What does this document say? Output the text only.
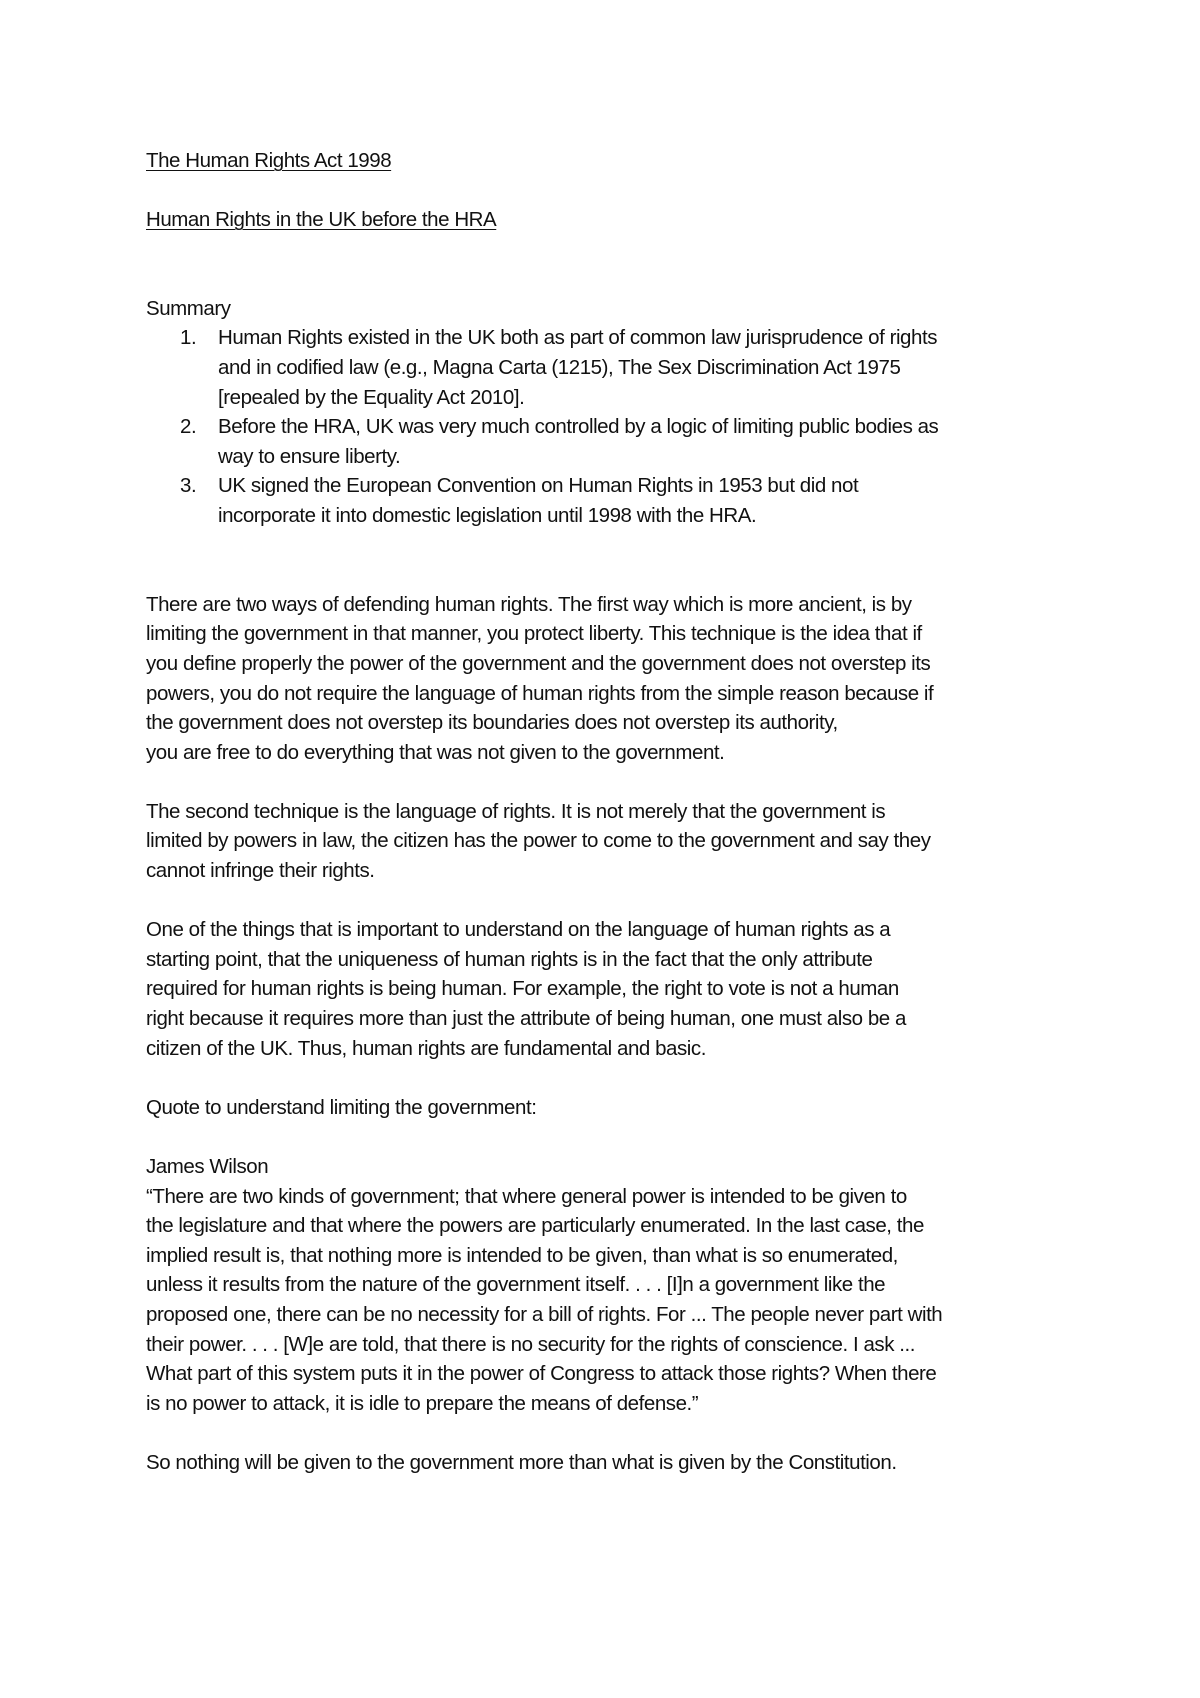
The Human Rights Act 1998
Human Rights in the UK before the HRA
Summary
1. Human Rights existed in the UK both as part of common law jurisprudence of rights
and in codified law (e.g., Magna Carta (1215), The Sex Discrimination Act 1975
[repealed by the Equality Act 2010].
2. Before the HRA, UK was very much controlled by a logic of limiting public bodies as
way to ensure liberty.
3. UK signed the European Convention on Human Rights in 1953 but did not
incorporate it into domestic legislation until 1998 with the HRA.
There are two ways of defending human rights. The first way which is more ancient, is by
limiting the government in that manner, you protect liberty. This technique is the idea that if
you define properly the power of the government and the government does not overstep its
powers, you do not require the language of human rights from the simple reason because if
the government does not overstep its boundaries does not overstep its authority,
you are free to do everything that was not given to the government.
The second technique is the language of rights. It is not merely that the government is
limited by powers in law, the citizen has the power to come to the government and say they
cannot infringe their rights.
One of the things that is important to understand on the language of human rights as a
starting point, that the uniqueness of human rights is in the fact that the only attribute
required for human rights is being human. For example, the right to vote is not a human
right because it requires more than just the attribute of being human, one must also be a
citizen of the UK. Thus, human rights are fundamental and basic.
Quote to understand limiting the government:
James Wilson
“There are two kinds of government; that where general power is intended to be given to
the legislature and that where the powers are particularly enumerated. In the last case, the
implied result is, that nothing more is intended to be given, than what is so enumerated,
unless it results from the nature of the government itself. . . . [I]n a government like the
proposed one, there can be no necessity for a bill of rights. For ... The people never part with
their power. . . . [W]e are told, that there is no security for the rights of conscience. I ask ...
What part of this system puts it in the power of Congress to attack those rights? When there
is no power to attack, it is idle to prepare the means of defense.”
So nothing will be given to the government more than what is given by the Constitution.
